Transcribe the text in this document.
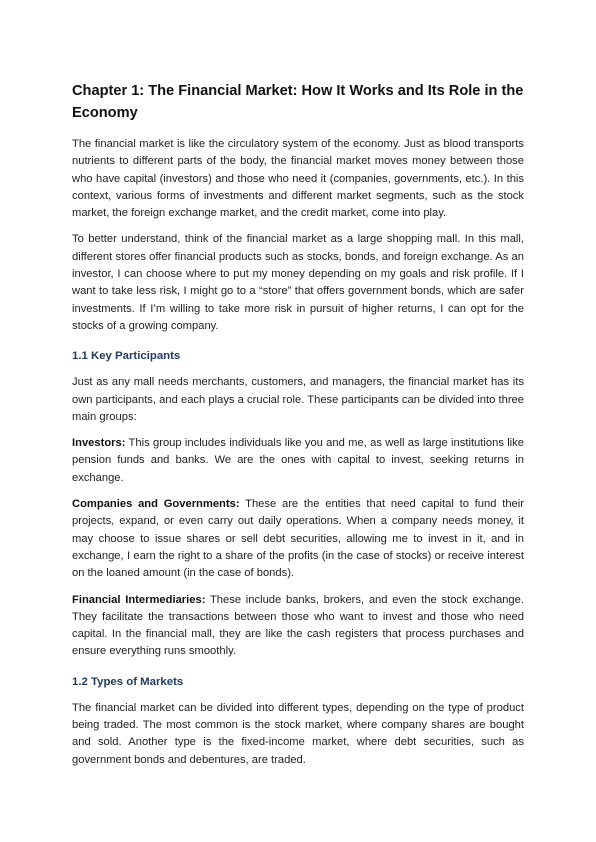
Chapter 1: The Financial Market: How It Works and Its Role in the Economy

The financial market is like the circulatory system of the economy. Just as blood transports nutrients to different parts of the body, the financial market moves money between those who have capital (investors) and those who need it (companies, governments, etc.). In this context, various forms of investments and different market segments, such as the stock market, the foreign exchange market, and the credit market, come into play.

To better understand, think of the financial market as a large shopping mall. In this mall, different stores offer financial products such as stocks, bonds, and foreign exchange. As an investor, I can choose where to put my money depending on my goals and risk profile. If I want to take less risk, I might go to a “store” that offers government bonds, which are safer investments. If I’m willing to take more risk in pursuit of higher returns, I can opt for the stocks of a growing company.

1.1 Key Participants

Just as any mall needs merchants, customers, and managers, the financial market has its own participants, and each plays a crucial role. These participants can be divided into three main groups:

Investors: This group includes individuals like you and me, as well as large institutions like pension funds and banks. We are the ones with capital to invest, seeking returns in exchange.

Companies and Governments: These are the entities that need capital to fund their projects, expand, or even carry out daily operations. When a company needs money, it may choose to issue shares or sell debt securities, allowing me to invest in it, and in exchange, I earn the right to a share of the profits (in the case of stocks) or receive interest on the loaned amount (in the case of bonds).

Financial Intermediaries: These include banks, brokers, and even the stock exchange. They facilitate the transactions between those who want to invest and those who need capital. In the financial mall, they are like the cash registers that process purchases and ensure everything runs smoothly.

1.2 Types of Markets

The financial market can be divided into different types, depending on the type of product being traded. The most common is the stock market, where company shares are bought and sold. Another type is the fixed-income market, where debt securities, such as government bonds and debentures, are traded.
